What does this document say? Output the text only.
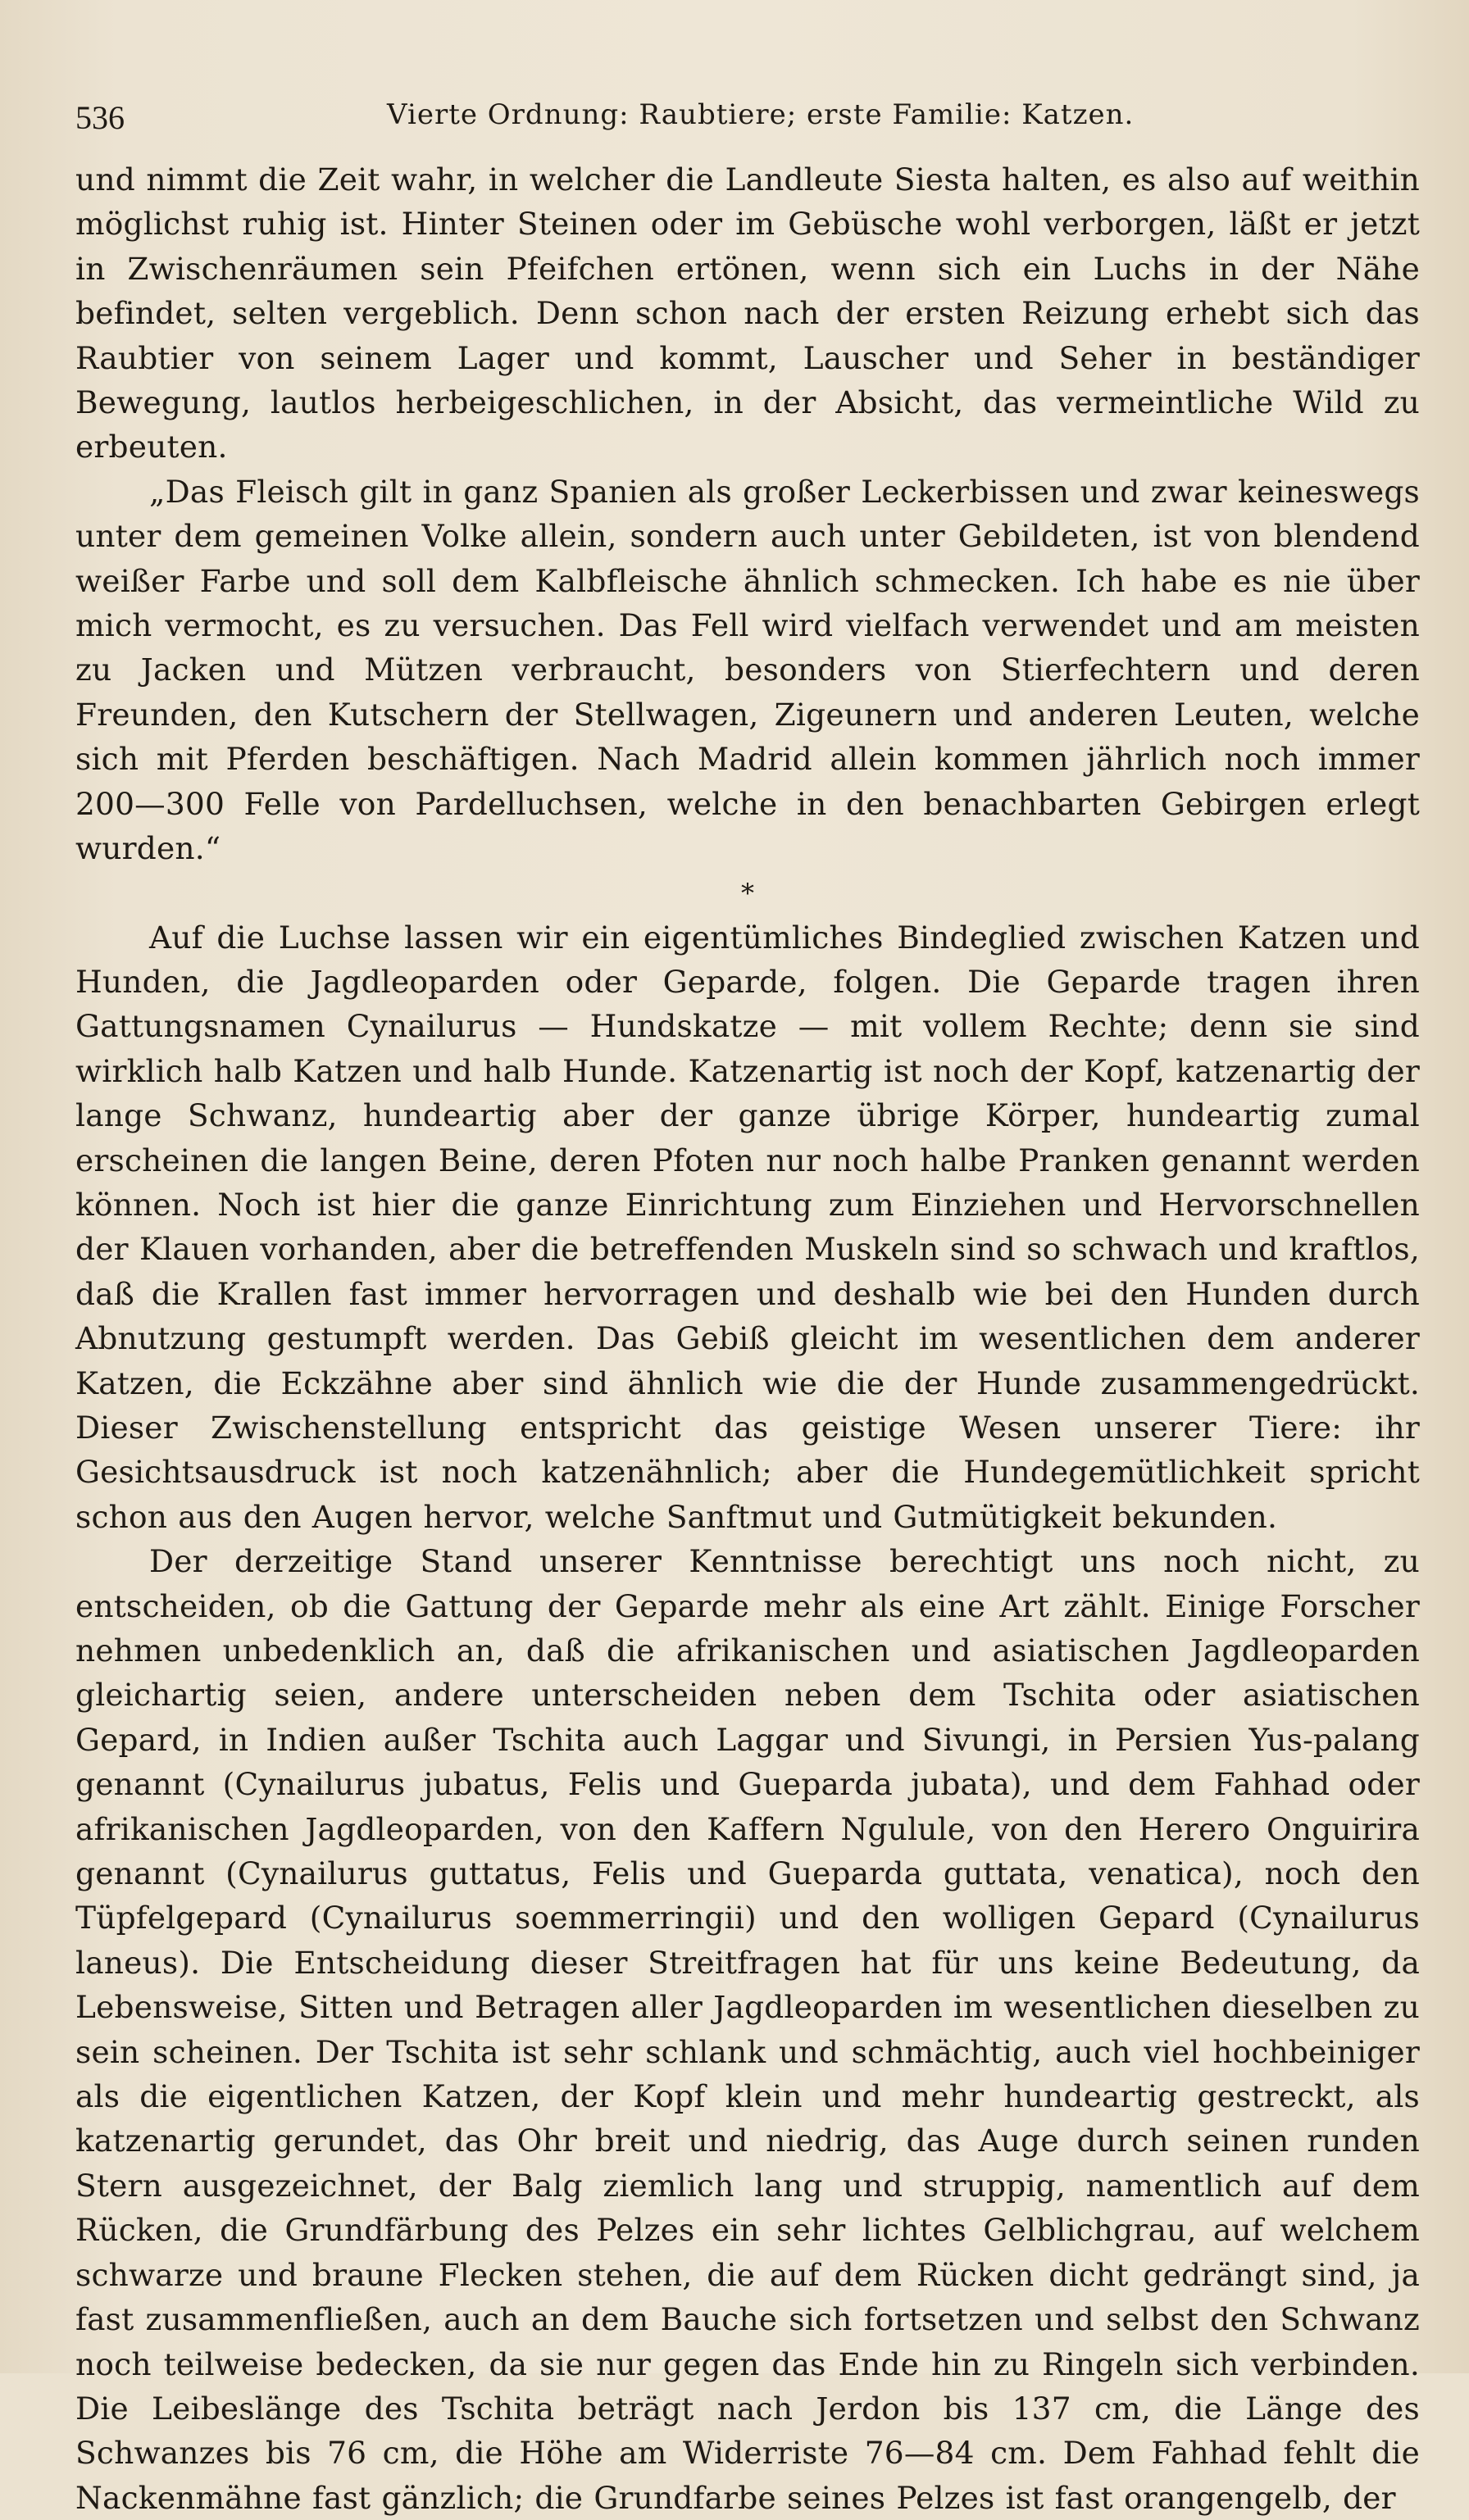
536	Vierte Ordnung: Raubtiere; erste Familie: Katzen.

und nimmt die Zeit wahr, in welcher die Landleute Siesta halten, es also auf weithin möglichst ruhig ist. Hinter Steinen oder im Gebüsche wohl verborgen, läßt er jetzt in Zwischenräumen sein Pfeifchen ertönen, wenn sich ein Luchs in der Nähe befindet, selten vergeblich. Denn schon nach der ersten Reizung erhebt sich das Raubtier von seinem Lager und kommt, Lauscher und Seher in beständiger Bewegung, lautlos herbeigeschlichen, in der Absicht, das vermeintliche Wild zu erbeuten.

„Das Fleisch gilt in ganz Spanien als großer Leckerbissen und zwar keineswegs unter dem gemeinen Volke allein, sondern auch unter Gebildeten, ist von blendend weißer Farbe und soll dem Kalbfleische ähnlich schmecken. Ich habe es nie über mich vermocht, es zu versuchen. Das Fell wird vielfach verwendet und am meisten zu Jacken und Mützen verbraucht, besonders von Stierfechtern und deren Freunden, den Kutschern der Stellwagen, Zigeunern und anderen Leuten, welche sich mit Pferden beschäftigen. Nach Madrid allein kommen jährlich noch immer 200—300 Felle von Pardelluchsen, welche in den benachbarten Gebirgen erlegt wurden.“

*

Auf die Luchse lassen wir ein eigentümliches Bindeglied zwischen Katzen und Hunden, die Jagdleoparden oder Geparde, folgen. Die Geparde tragen ihren Gattungsnamen Cynailurus — Hundskatze — mit vollem Rechte; denn sie sind wirklich halb Katzen und halb Hunde. Katzenartig ist noch der Kopf, katzenartig der lange Schwanz, hundeartig aber der ganze übrige Körper, hundeartig zumal erscheinen die langen Beine, deren Pfoten nur noch halbe Pranken genannt werden können. Noch ist hier die ganze Einrichtung zum Einziehen und Hervorschnellen der Klauen vorhanden, aber die betreffenden Muskeln sind so schwach und kraftlos, daß die Krallen fast immer hervorragen und deshalb wie bei den Hunden durch Abnutzung gestumpft werden. Das Gebiß gleicht im wesentlichen dem anderer Katzen, die Eckzähne aber sind ähnlich wie die der Hunde zusammengedrückt. Dieser Zwischenstellung entspricht das geistige Wesen unserer Tiere: ihr Gesichtsausdruck ist noch katzenähnlich; aber die Hundegemütlichkeit spricht schon aus den Augen hervor, welche Sanftmut und Gutmütigkeit bekunden.

Der derzeitige Stand unserer Kenntnisse berechtigt uns noch nicht, zu entscheiden, ob die Gattung der Geparde mehr als eine Art zählt. Einige Forscher nehmen unbedenklich an, daß die afrikanischen und asiatischen Jagdleoparden gleichartig seien, andere unterscheiden neben dem Tschita oder asiatischen Gepard, in Indien außer Tschita auch Laggar und Sivungi, in Persien Yus-palang genannt (Cynailurus jubatus, Felis und Guepardа jubata), und dem Fahhad oder afrikanischen Jagdleoparden, von den Kaffern Ngulule, von den Herero Onguirira genannt (Cynailurus guttatus, Felis und Guepardа guttata, venatica), noch den Tüpfelgepard (Cynailurus soemmerringii) und den wolligen Gepard (Cynailurus laneus). Die Entscheidung dieser Streitfragen hat für uns keine Bedeutung, da Lebensweise, Sitten und Betragen aller Jagdleoparden im wesentlichen dieselben zu sein scheinen. Der Tschita ist sehr schlank und schmächtig, auch viel hochbeiniger als die eigentlichen Katzen, der Kopf klein und mehr hundeartig gestreckt, als katzenartig gerundet, das Ohr breit und niedrig, das Auge durch seinen runden Stern ausgezeichnet, der Balg ziemlich lang und struppig, namentlich auf dem Rücken, die Grundfärbung des Pelzes ein sehr lichtes Gelblichgrau, auf welchem schwarze und braune Flecken stehen, die auf dem Rücken dicht gedrängt sind, ja fast zusammenfließen, auch an dem Bauche sich fortsetzen und selbst den Schwanz noch teilweise bedecken, da sie nur gegen das Ende hin zu Ringeln sich verbinden. Die Leibeslänge des Tschita beträgt nach Jerdon bis 137 cm, die Länge des Schwanzes bis 76 cm, die Höhe am Widerriste 76—84 cm. Dem Fahhad fehlt die Nackenmähne fast gänzlich; die Grundfarbe seines Pelzes ist fast orangengelb, der
